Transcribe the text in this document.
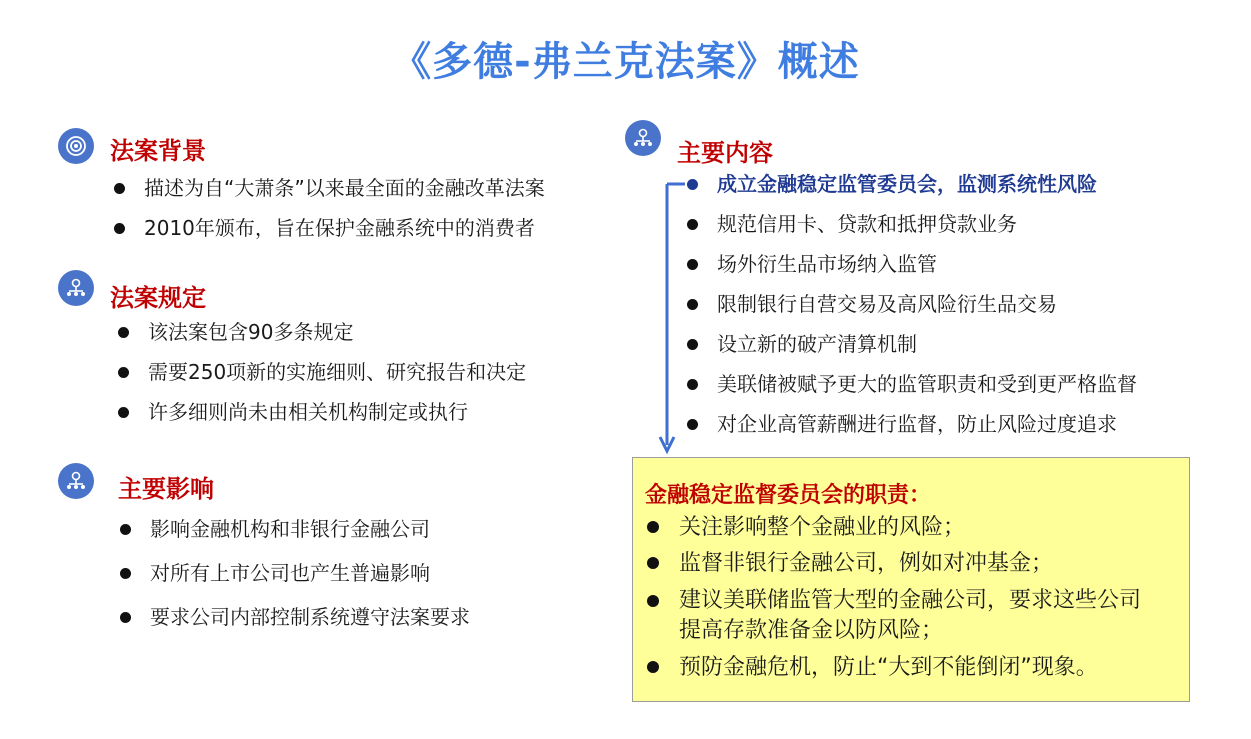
《多德-弗兰克法案》概述
法案背景
描述为自“大萧条”以来最全面的金融改革法案
2010年颁布，旨在保护金融系统中的消费者
法案规定
该法案包含90多条规定
需要250项新的实施细则、研究报告和决定
许多细则尚未由相关机构制定或执行
主要影响
影响金融机构和非银行金融公司
对所有上市公司也产生普遍影响
要求公司内部控制系统遵守法案要求
主要内容
成立金融稳定监管委员会，监测系统性风险
规范信用卡、贷款和抵押贷款业务
场外衍生品市场纳入监管
限制银行自营交易及高风险衍生品交易
设立新的破产清算机制
美联储被赋予更大的监管职责和受到更严格监督
对企业高管薪酬进行监督，防止风险过度追求
金融稳定监督委员会的职责：
关注影响整个金融业的风险；
监督非银行金融公司，例如对冲基金；
建议美联储监管大型的金融公司，要求这些公司提高存款准备金以防风险；
预防金融危机，防止“大到不能倒闭”现象。
